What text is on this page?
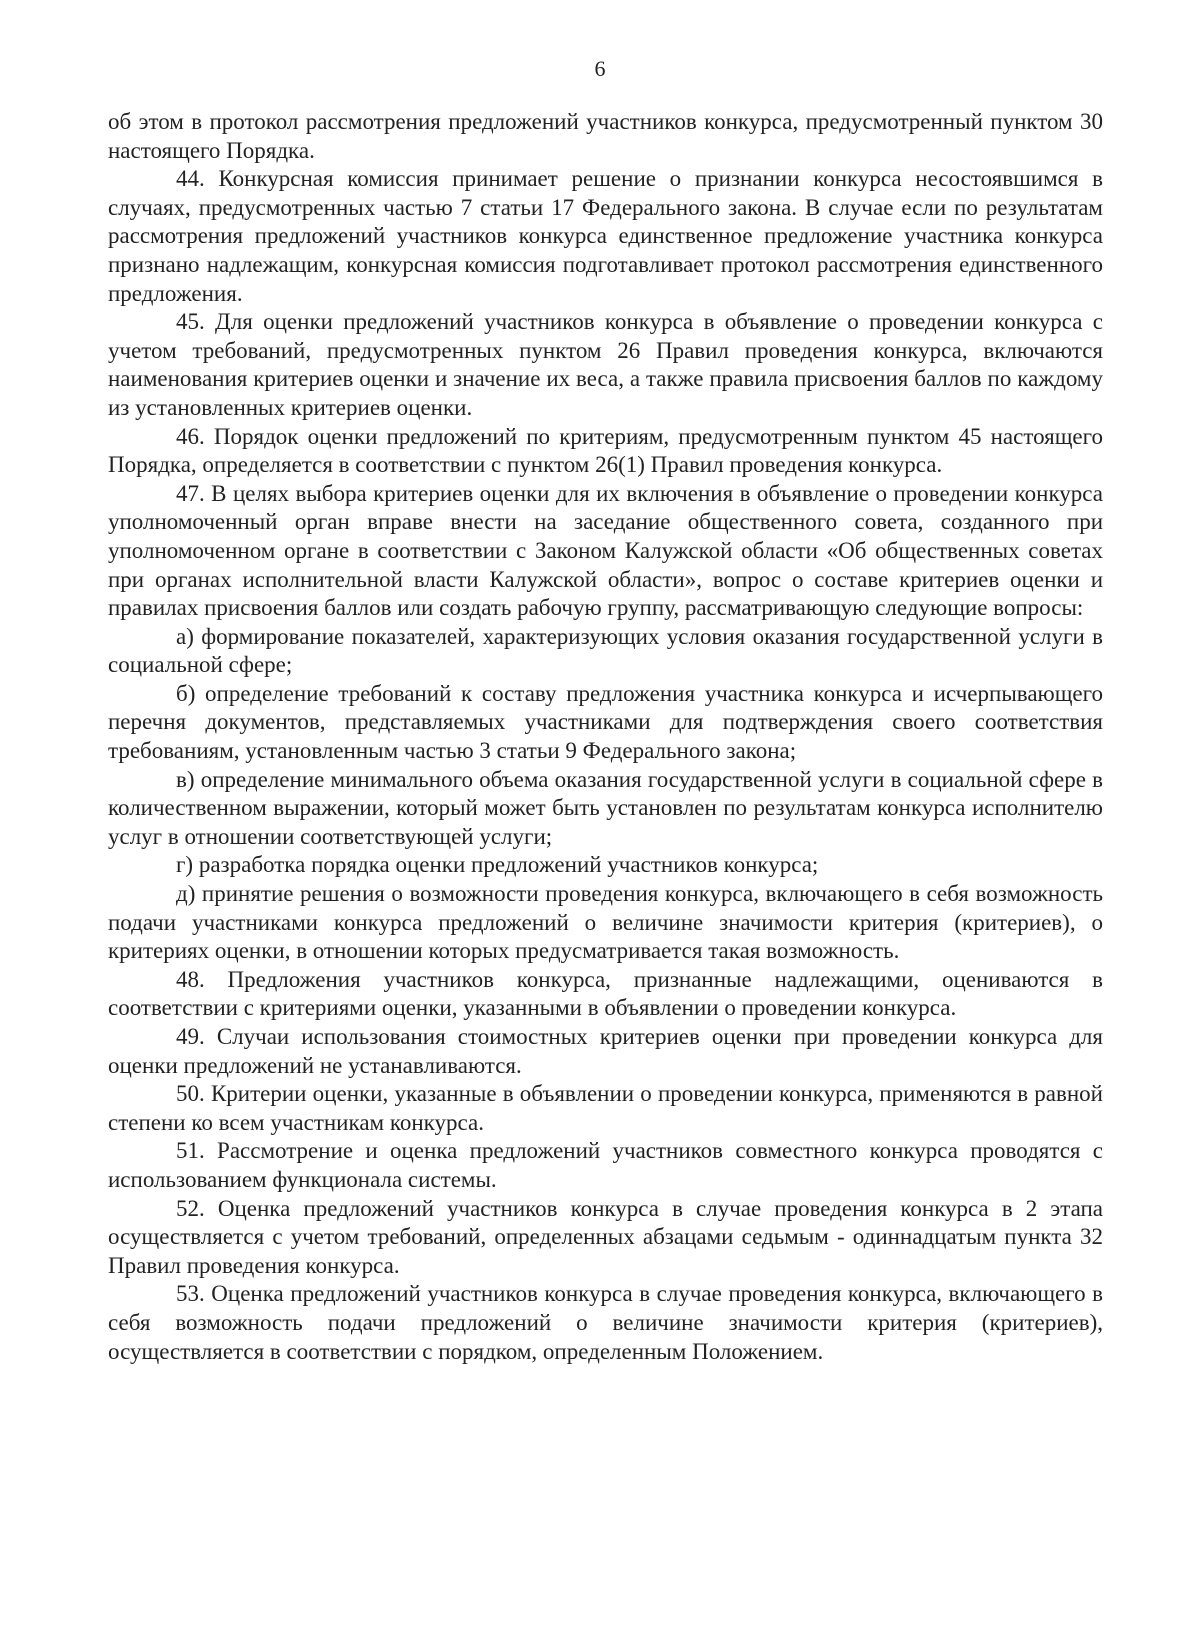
6

об этом в протокол рассмотрения предложений участников конкурса, предусмотренный пунктом 30 настоящего Порядка.

44. Конкурсная комиссия принимает решение о признании конкурса несостоявшимся в случаях, предусмотренных частью 7 статьи 17 Федерального закона. В случае если по результатам рассмотрения предложений участников конкурса единственное предложение участника конкурса признано надлежащим, конкурсная комиссия подготавливает протокол рассмотрения единственного предложения.

45. Для оценки предложений участников конкурса в объявление о проведении конкурса с учетом требований, предусмотренных пунктом 26 Правил проведения конкурса, включаются наименования критериев оценки и значение их веса, а также правила присвоения баллов по каждому из установленных критериев оценки.

46. Порядок оценки предложений по критериям, предусмотренным пунктом 45 настоящего Порядка, определяется в соответствии с пунктом 26(1) Правил проведения конкурса.

47. В целях выбора критериев оценки для их включения в объявление о проведении конкурса уполномоченный орган вправе внести на заседание общественного совета, созданного при уполномоченном органе в соответствии с Законом Калужской области «Об общественных советах при органах исполнительной власти Калужской области», вопрос о составе критериев оценки и правилах присвоения баллов или создать рабочую группу, рассматривающую следующие вопросы:

а) формирование показателей, характеризующих условия оказания государственной услуги в социальной сфере;

б) определение требований к составу предложения участника конкурса и исчерпывающего перечня документов, представляемых участниками для подтверждения своего соответствия требованиям, установленным частью 3 статьи 9 Федерального закона;

в) определение минимального объема оказания государственной услуги в социальной сфере в количественном выражении, который может быть установлен по результатам конкурса исполнителю услуг в отношении соответствующей услуги;

г) разработка порядка оценки предложений участников конкурса;

д) принятие решения о возможности проведения конкурса, включающего в себя возможность подачи участниками конкурса предложений о величине значимости критерия (критериев), о критериях оценки, в отношении которых предусматривается такая возможность.

48. Предложения участников конкурса, признанные надлежащими, оцениваются в соответствии с критериями оценки, указанными в объявлении о проведении конкурса.

49. Случаи использования стоимостных критериев оценки при проведении конкурса для оценки предложений не устанавливаются.

50. Критерии оценки, указанные в объявлении о проведении конкурса, применяются в равной степени ко всем участникам конкурса.

51. Рассмотрение и оценка предложений участников совместного конкурса проводятся с использованием функционала системы.

52. Оценка предложений участников конкурса в случае проведения конкурса в 2 этапа осуществляется с учетом требований, определенных абзацами седьмым - одиннадцатым пункта 32 Правил проведения конкурса.

53. Оценка предложений участников конкурса в случае проведения конкурса, включающего в себя возможность подачи предложений о величине значимости критерия (критериев), осуществляется в соответствии с порядком, определенным Положением.
